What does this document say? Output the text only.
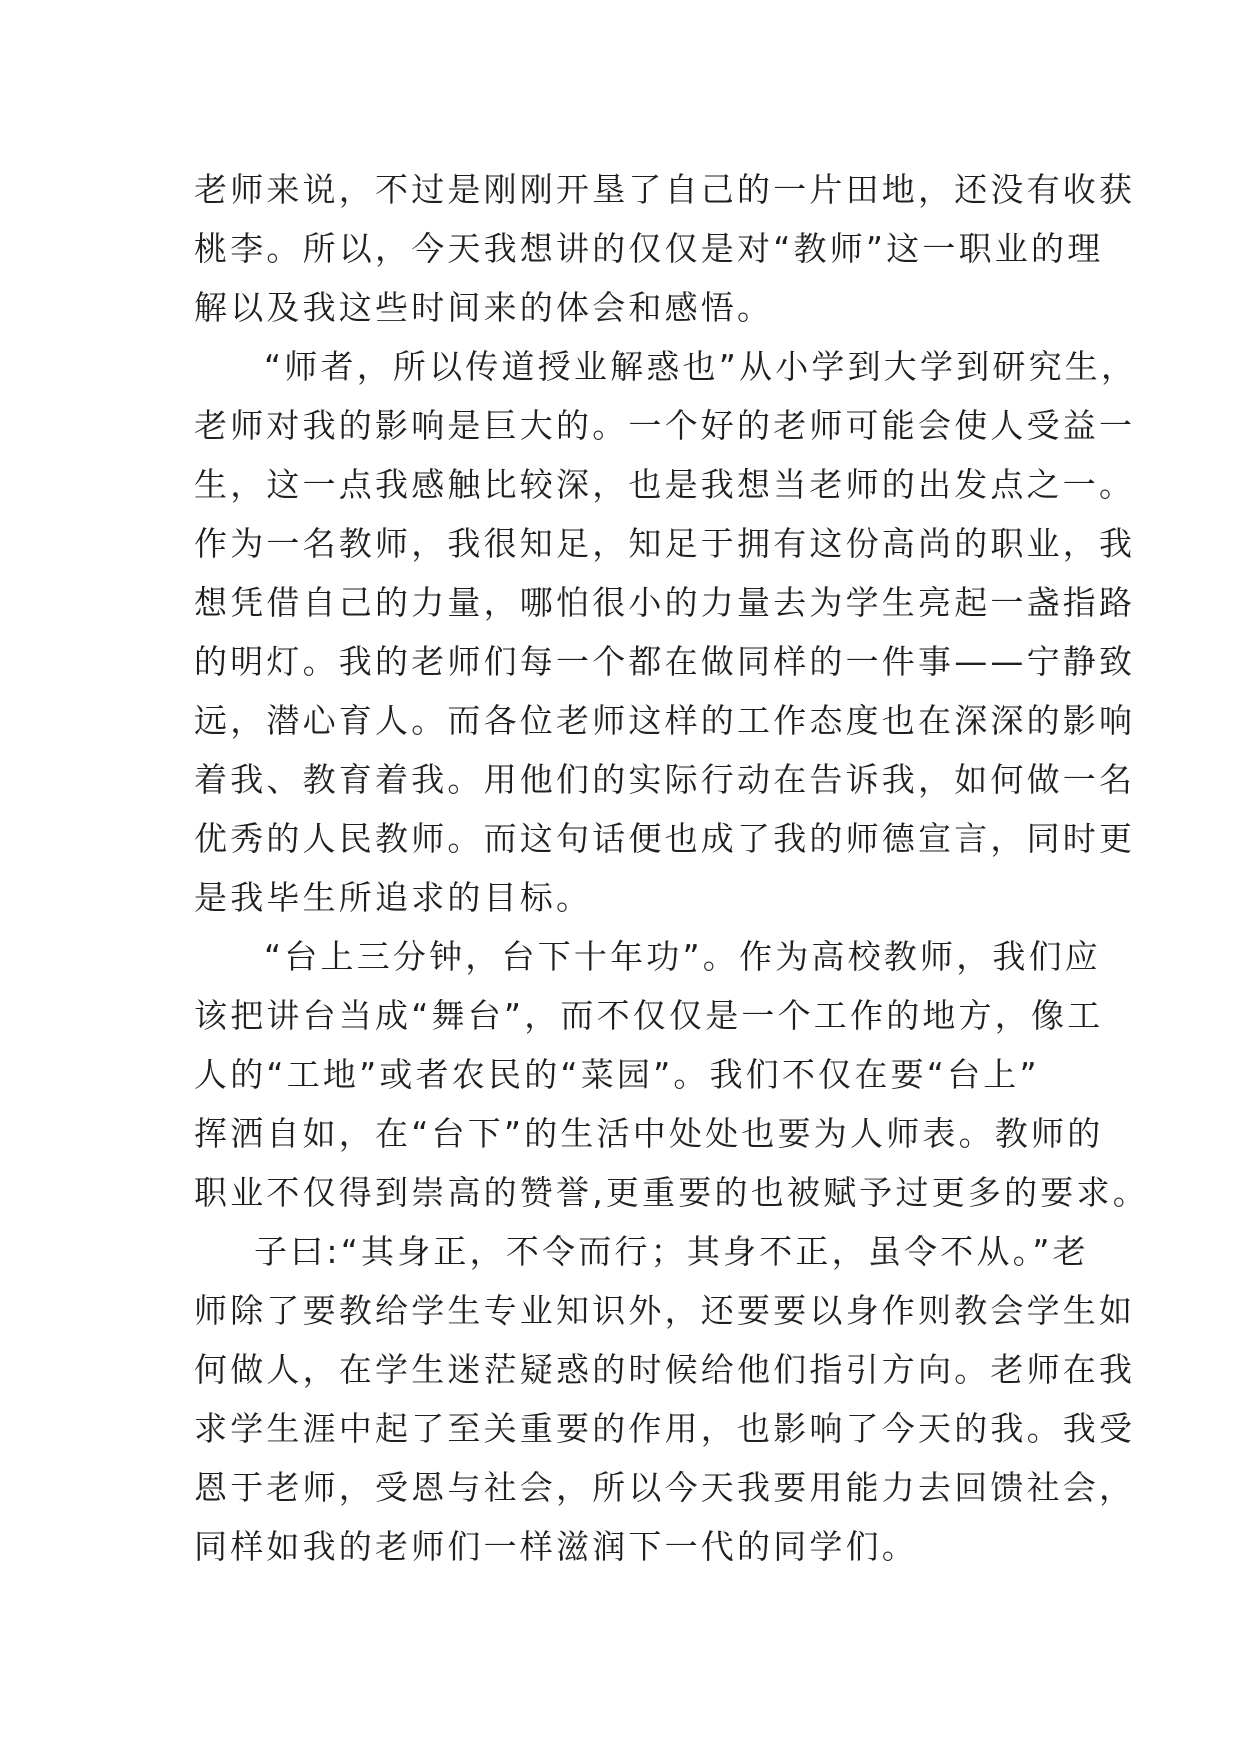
老师来说，不过是刚刚开垦了自己的一片田地，还没有收获
桃李。所以，今天我想讲的仅仅是对“教师”这一职业的理
解以及我这些时间来的体会和感悟。
“师者，所以传道授业解惑也”从小学到大学到研究生，
老师对我的影响是巨大的。一个好的老师可能会使人受益一
生，这一点我感触比较深，也是我想当老师的出发点之一。
作为一名教师，我很知足，知足于拥有这份高尚的职业，我
想凭借自己的力量，哪怕很小的力量去为学生亮起一盏指路
的明灯。我的老师们每一个都在做同样的一件事——宁静致
远，潜心育人。而各位老师这样的工作态度也在深深的影响
着我、教育着我。用他们的实际行动在告诉我，如何做一名
优秀的人民教师。而这句话便也成了我的师德宣言，同时更
是我毕生所追求的目标。
“台上三分钟，台下十年功”。作为高校教师，我们应
该把讲台当成“舞台”，而不仅仅是一个工作的地方，像工
人的“工地”或者农民的“菜园”。我们不仅在要“台上”
挥洒自如，在“台下”的生活中处处也要为人师表。教师的
职业不仅得到崇高的赞誉,更重要的也被赋予过更多的要求。
子曰:“其身正，不令而行；其身不正，虽令不从。”老
师除了要教给学生专业知识外，还要要以身作则教会学生如
何做人，在学生迷茫疑惑的时候给他们指引方向。老师在我
求学生涯中起了至关重要的作用，也影响了今天的我。我受
恩于老师，受恩与社会，所以今天我要用能力去回馈社会，
同样如我的老师们一样滋润下一代的同学们。
